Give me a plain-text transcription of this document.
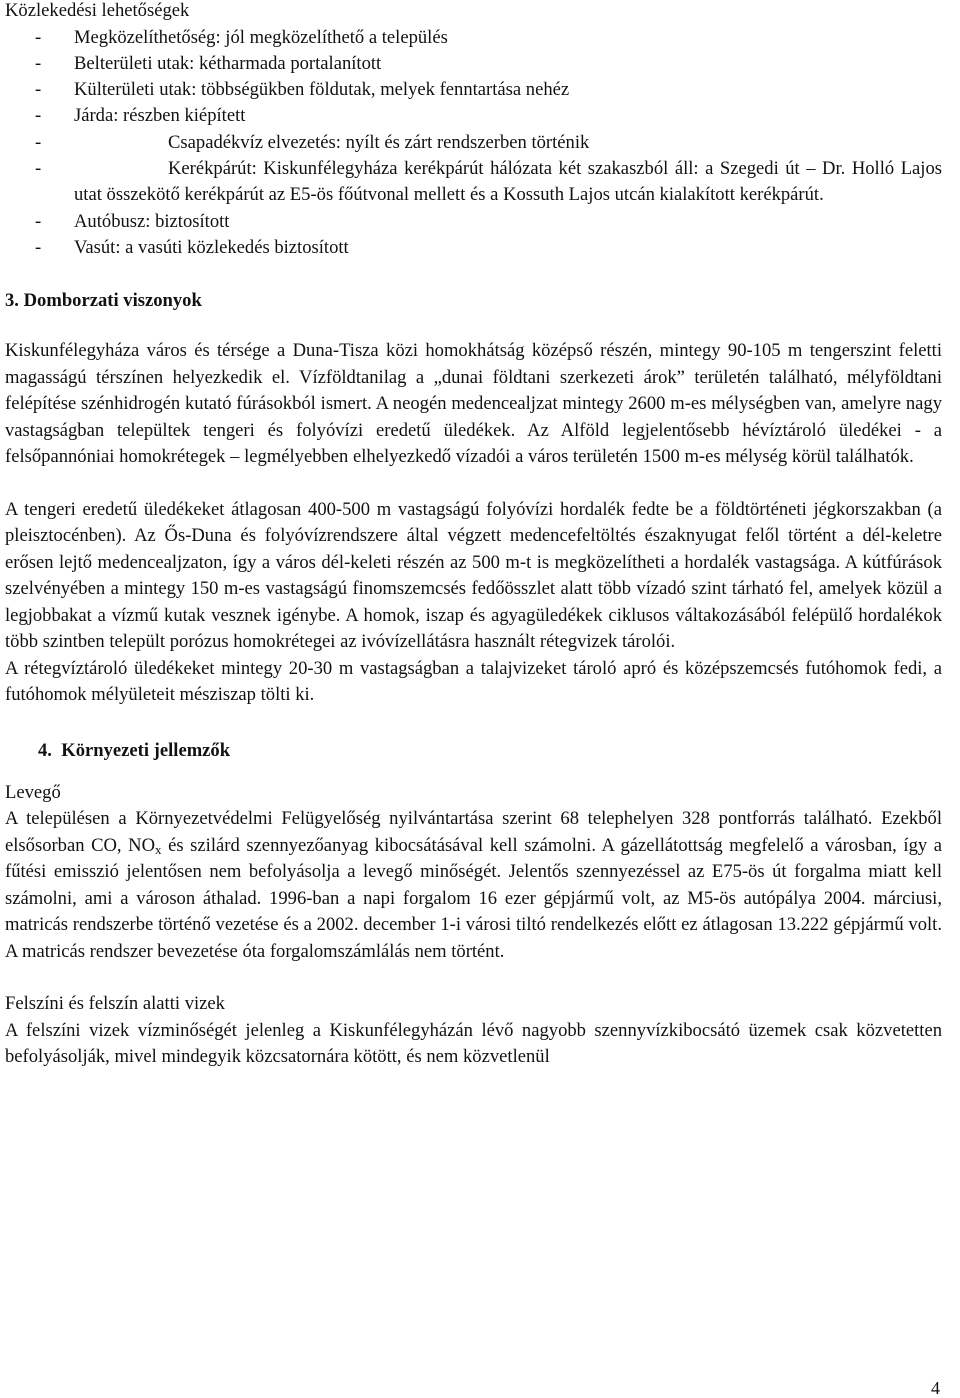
Közlekedési lehetőségek

- Megközelíthetőség: jól megközelíthető a település
- Belterületi utak: kétharmada portalanított
- Külterületi utak: többségükben földutak, melyek fenntartása nehéz
- Járda: részben kiépített
-	Csapadékvíz elvezetés: nyílt és zárt rendszerben történik
-	Kerékpárút: Kiskunfélegyháza kerékpárút hálózata két szakaszból áll: a Szegedi út – Dr. Holló Lajos utat összekötő kerékpárút az E5-ös főútvonal mellett és a Kossuth Lajos utcán kialakított kerékpárút.
- Autóbusz: biztosított
- Vasút: a vasúti közlekedés biztosított
3. Domborzati viszonyok

Kiskunfélegyháza város és térsége a Duna-Tisza közi homokhátság középső részén, mintegy 90-105 m tengerszint feletti magasságú térszínen helyezkedik el. Vízföldtanilag a „dunai földtani szerkezeti árok” területén található, mélyföldtani felépítése szénhidrogén kutató fúrásokból ismert. A neogén medencealjzat mintegy 2600 m-es mélységben van, amelyre nagy vastagságban települtek tengeri és folyóvízi eredetű üledékek. Az Alföld legjelentősebb hévíztároló üledékei - a felsőpannóniai homokrétegek – legmélyebben elhelyezkedő vízadói a város területén 1500 m-es mélység körül találhatók.

A tengeri eredetű üledékeket átlagosan 400-500 m vastagságú folyóvízi hordalék fedte be a földtörténeti jégkorszakban (a pleisztocénben). Az Ős-Duna és folyóvízrendszere által végzett medencefeltöltés északnyugat felől történt a dél-keletre erősen lejtő medencealjzaton, így a város dél-keleti részén az 500 m-t is megközelítheti a hordalék vastagsága. A kútfúrások szelvényében a mintegy 150 m-es vastagságú finomszemcsés fedőösszlet alatt több vízadó szint tárható fel, amelyek közül a legjobbakat a vízmű kutak vesznek igénybe. A homok, iszap és agyagüledékek ciklusos váltakozásából felépülő hordalékok több szintben települt porózus homokrétegei az ivóvízellátásra használt rétegvizek tárolói.

A rétegvíztároló üledékeket mintegy 20-30 m vastagságban a talajvizeket tároló apró és középszemcsés futóhomok fedi, a futóhomok mélyületeit mésziszap tölti ki.

4. Környezeti jellemzők

Levegő

A településen a Környezetvédelmi Felügyelőség nyilvántartása szerint 68 telephelyen 328 pontforrás található. Ezekből elsősorban CO, $NO_x$ és szilárd szennyezőanyag kibocsátásával kell számolni. A gázellátottság megfelelő a városban, így a fűtési emisszió jelentősen nem befolyásolja a levegő minőségét. Jelentős szennyezéssel az E75-ös út forgalma miatt kell számolni, ami a városon áthalad. 1996-ban a napi forgalom 16 ezer gépjármű volt, az M5-ös autópálya 2004. márciusi, matricás rendszerbe történő vezetése és a 2002. december 1-i városi tiltó rendelkezés előtt ez átlagosan 13.222 gépjármű volt. A matricás rendszer bevezetése óta forgalomszámlálás nem történt.

Felszíni és felszín alatti vizek

A felszíni vizek vízminőségét jelenleg a Kiskunfélegyházán lévő nagyobb szennyvízkibocsátó üzemek csak közvetetten befolyásolják, mivel mindegyik közcsatornára kötött, és nem közvetlenül

4
